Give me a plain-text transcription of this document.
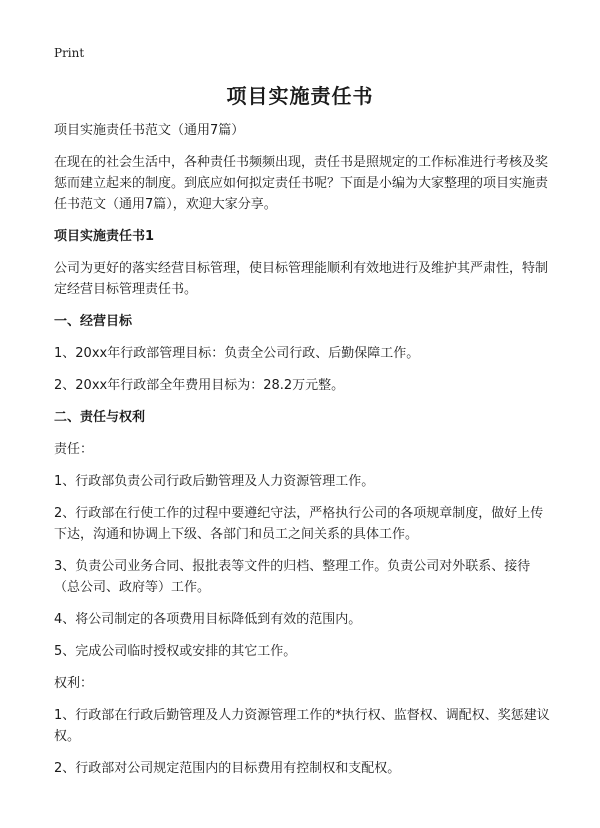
Print
项目实施责任书

项目实施责任书范文（通用7篇）

在现在的社会生活中，各种责任书频频出现，责任书是照规定的工作标准进行考核及奖惩而建立起来的制度。到底应如何拟定责任书呢？下面是小编为大家整理的项目实施责任书范文（通用7篇），欢迎大家分享。

项目实施责任书1

公司为更好的落实经营目标管理，使目标管理能顺利有效地进行及维护其严肃性，特制定经营目标管理责任书。

一、经营目标

1、20xx年行政部管理目标：负责全公司行政、后勤保障工作。

2、20xx年行政部全年费用目标为：28.2万元整。

二、责任与权利

责任：

1、行政部负责公司行政后勤管理及人力资源管理工作。

2、行政部在行使工作的过程中要遵纪守法，严格执行公司的各项规章制度，做好上传下达，沟通和协调上下级、各部门和员工之间关系的具体工作。

3、负责公司业务合同、报批表等文件的归档、整理工作。负责公司对外联系、接待（总公司、政府等）工作。

4、将公司制定的各项费用目标降低到有效的范围内。

5、完成公司临时授权或安排的其它工作。

权利：

1、行政部在行政后勤管理及人力资源管理工作的*执行权、监督权、调配权、奖惩建议权。

2、行政部对公司规定范围内的目标费用有控制权和支配权。
